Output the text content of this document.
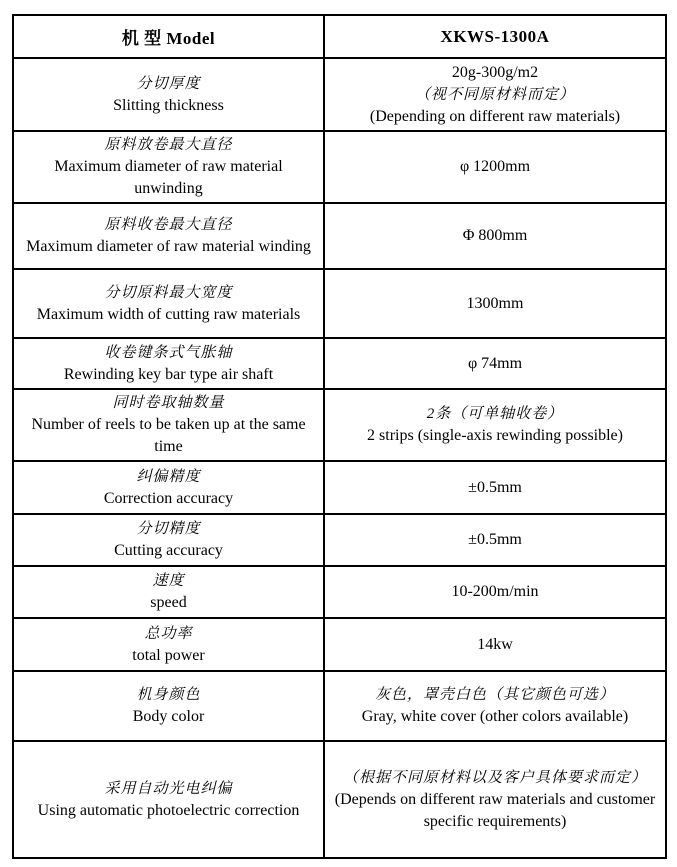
机 型 Model	XKWS-1300A

分切厚度
Slitting thickness	20g-300g/m2
（视不同原材料而定）
(Depending on different raw materials)

原料放卷最大直径
Maximum diameter of raw material unwinding	φ 1200mm

原料收卷最大直径
Maximum diameter of raw material winding	Φ 800mm

分切原料最大宽度
Maximum width of cutting raw materials	1300mm

收卷键条式气胀轴
Rewinding key bar type air shaft	φ 74mm

同时卷取轴数量
Number of reels to be taken up at the same time	2条（可单轴收卷）
2 strips (single-axis rewinding possible)

纠偏精度
Correction accuracy	±0.5mm

分切精度
Cutting accuracy	±0.5mm

速度
speed	10-200m/min

总功率
total power	14kw

机身颜色
Body color	灰色，罩壳白色（其它颜色可选）
Gray, white cover (other colors available)

采用自动光电纠偏
Using automatic photoelectric correction	（根据不同原材料以及客户具体要求而定）
(Depends on different raw materials and customer specific requirements)
